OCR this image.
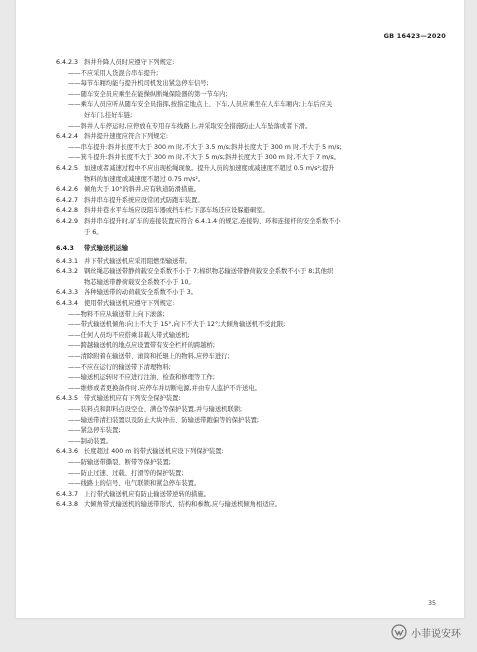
GB 16423—2020
6.4.2.3 斜井升降人员时应遵守下列规定:
——不应采用人货混合串车提升;
——每节车厢均能与提升机司机发出紧急停车信号;
——随车安全员应乘坐在能操纵断绳保险器的第一节车内;
——乘车人员应听从随车安全员指挥,按指定地点上、下车,人员应乘坐在人车车厢内;上车后应关
好车门,挂好车链;
——斜井人车停运时,应停放在专用存车线路上,并采取安全措施防止人车坠落或者下滑。
6.4.2.4 斜井提升速度应符合下列规定:
——串车提升:斜井长度不大于 300 m 时,不大于 3.5 m/s;斜井长度大于 300 m 时,不大于 5 m/s;
——箕斗提升:斜井长度不大于 300 m 时,不大于 5 m/s;斜井长度大于 300 m 时,不大于 7 m/s。
6.4.2.5 加速或者减速过程中不应出现松绳现象。提升人员的加速度或减速度不超过 0.5 m/s²;提升
物料的加速度或减速度不超过 0.75 m/s²。
6.4.2.6 倾角大于 10°的斜井,应有轨道防滑措施。
6.4.2.7 斜井串车提升系统应设常闭式防跑车装置。
6.4.2.8 斜井井巷水平车场应设阻车器或挡车栏;下部车场还应设躲避硐室。
6.4.2.9 斜井串车提升时,矿车的连接装置应符合 6.4.1.4 的规定,连接钩、环和连接杆的安全系数不小
于 6。
6.4.3 带式输送机运输
6.4.3.1 井下带式输送机应采用阻燃型输送带。
6.4.3.2 钢丝绳芯输送带静荷载安全系数不小于 7;棉织物芯输送带静荷载安全系数不小于 8;其他织
物芯输送带静荷载安全系数不小于 10。
6.4.3.3 各种输送带的动荷载安全系数不小于 3。
6.4.3.4 使用带式输送机应遵守下列规定:
——物料不应从输送带上向下滚落;
——带式输送机倾角:向上不大于 15°,向下不大于 12°;大倾角输送机不受此限;
——任何人员均不应搭乘非载人带式输送机;
——跨越输送机的地点应设置带有安全栏杆的跨越桥;
——清除附着在输送带、滚筒和托辊上的物料,应停车进行;
——不应在运行的输送带下清理物料;
——输送机运转时不应进行注油、检查和修理等工作;
——维修或者更换备件时,应停车并切断电源,并由专人监护不许送电。
6.4.3.5 带式输送机应有下列安全保护装置:
——装料点和卸料点设空仓、满仓等保护装置,并与输送机联锁;
——输送带清扫装置以及防止大块冲击、防输送带跑偏等的保护装置;
——紧急停车装置;
——制动装置。
6.4.3.6 长度超过 400 m 的带式输送机应设下列保护装置:
——防输送带撕裂、断带等保护装置;
——防止过速、过载、打滑等的保护装置;
——线路上的信号、电气联锁和紧急停车装置。
6.4.3.7 上行带式输送机应有防止输送带逆转的措施。
6.4.3.8 大倾角带式输送机的输送带形式、结构和参数,应与输送机倾角相适应。
35
小菲说安环
